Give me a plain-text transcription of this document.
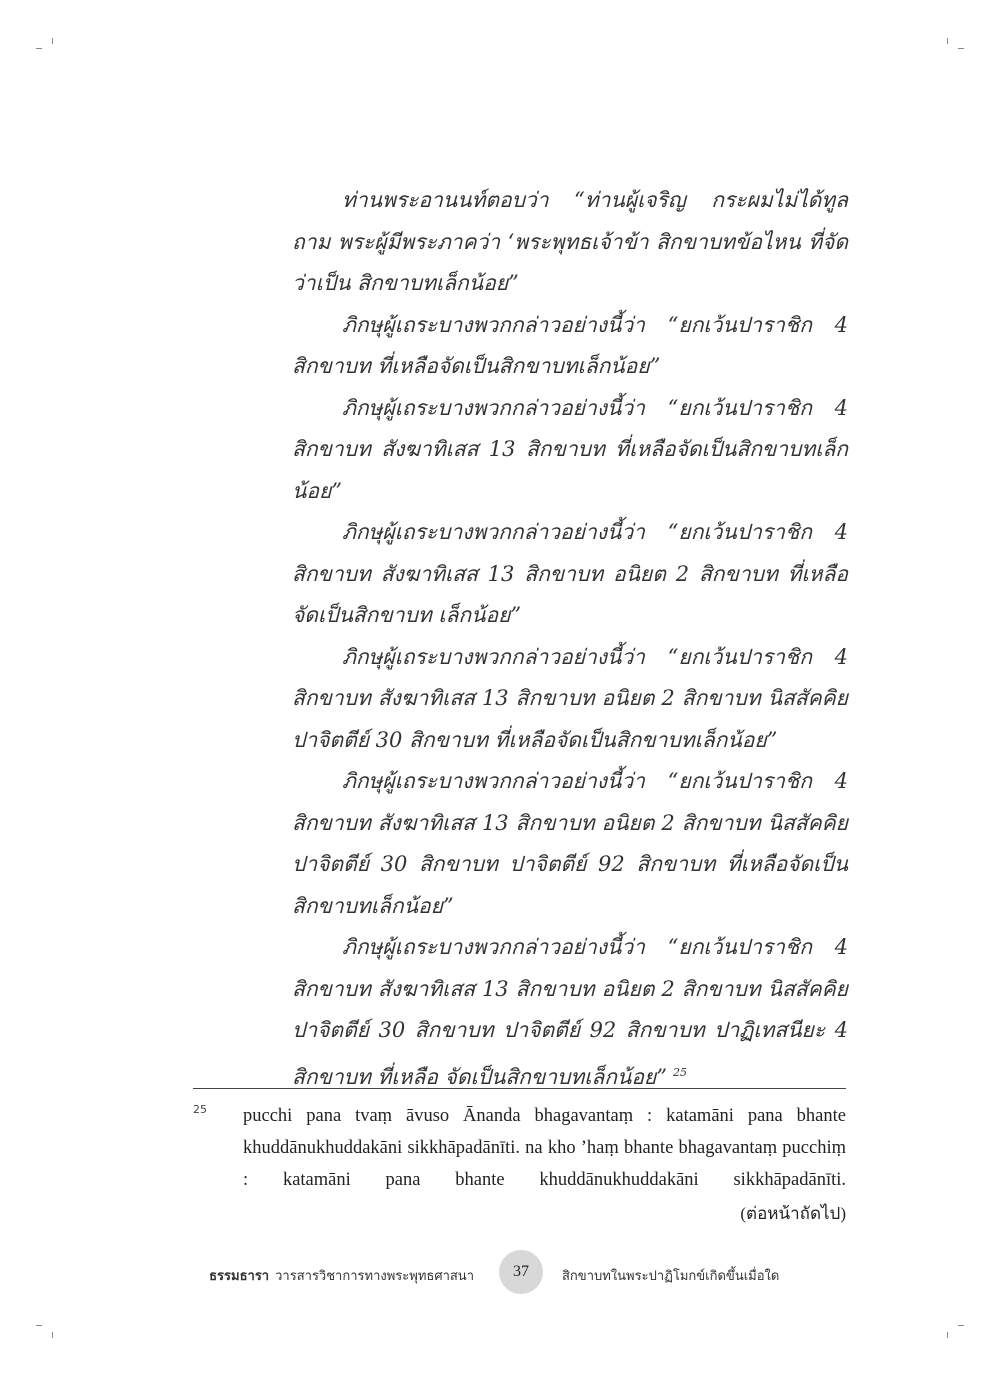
ท่านพระอานนท์ตอบว่า “ท่านผู้เจริญ กระผมไม่ได้ทูลถาม พระผู้มีพระภาคว่า ‘พระพุทธเจ้าข้า สิกขาบทข้อไหน ที่จัดว่าเป็น สิกขาบทเล็กน้อย”

ภิกษุผู้เถระบางพวกกล่าวอย่างนี้ว่า “ยกเว้นปาราชิก 4 สิกขาบท ที่เหลือจัดเป็นสิกขาบทเล็กน้อย”

ภิกษุผู้เถระบางพวกกล่าวอย่างนี้ว่า “ยกเว้นปาราชิก 4 สิกขาบท สังฆาทิเสส 13 สิกขาบท ที่เหลือจัดเป็นสิกขาบทเล็กน้อย”

ภิกษุผู้เถระบางพวกกล่าวอย่างนี้ว่า “ยกเว้นปาราชิก 4 สิกขาบท สังฆาทิเสส 13 สิกขาบท อนิยต 2 สิกขาบท ที่เหลือจัดเป็นสิกขาบท เล็กน้อย”

ภิกษุผู้เถระบางพวกกล่าวอย่างนี้ว่า “ยกเว้นปาราชิก 4 สิกขาบท สังฆาทิเสส 13 สิกขาบท อนิยต 2 สิกขาบท นิสสัคคิยปาจิตตีย์ 30 สิกขาบท ที่เหลือจัดเป็นสิกขาบทเล็กน้อย”

ภิกษุผู้เถระบางพวกกล่าวอย่างนี้ว่า “ยกเว้นปาราชิก 4 สิกขาบท สังฆาทิเสส 13 สิกขาบท อนิยต 2 สิกขาบท นิสสัคคิยปาจิตตีย์ 30 สิกขาบท ปาจิตตีย์ 92 สิกขาบท ที่เหลือจัดเป็นสิกขาบทเล็กน้อย”

ภิกษุผู้เถระบางพวกกล่าวอย่างนี้ว่า “ยกเว้นปาราชิก 4 สิกขาบท สังฆาทิเสส 13 สิกขาบท อนิยต 2 สิกขาบท นิสสัคคิยปาจิตตีย์ 30 สิกขาบท ปาจิตตีย์ 92 สิกขาบท ปาฏิเทสนียะ 4 สิกขาบท ที่เหลือ จัดเป็นสิกขาบทเล็กน้อย” $^{25}$

25 pucchi pana tvaṃ āvuso Ānanda bhagavantaṃ : katamāni pana bhante khuddānukhuddakāni sikkhāpadānīti. na kho ’haṃ bhante bhagavantaṃ pucchiṃ : katamāni pana bhante khuddānukhuddakāni sikkhāpadānīti.
(ต่อหน้าถัดไป)
ธรรมธารา วารสารวิชาการทางพระพุทธศาสนา	37	สิกขาบทในพระปาฏิโมกข์เกิดขึ้นเมื่อใด
